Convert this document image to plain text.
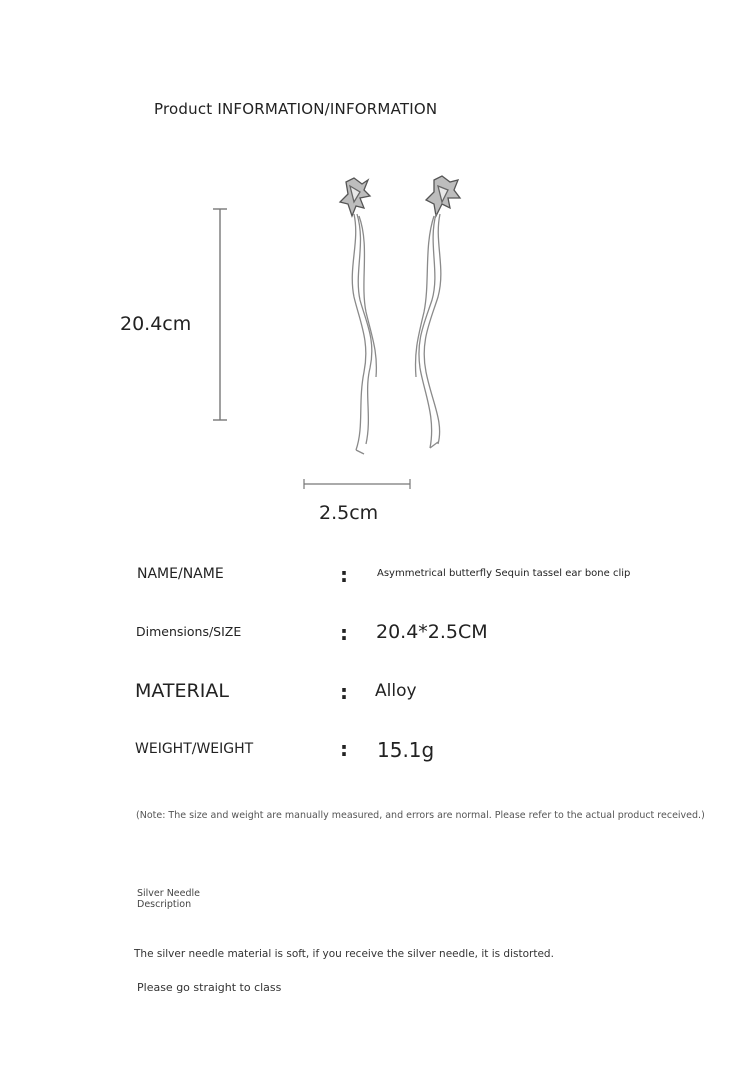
Product INFORMATION/INFORMATION
20.4cm
2.5cm
NAME/NAME	:	Asymmetrical butterfly Sequin tassel ear bone clip
Dimensions/SIZE	: 20.4*2.5CM
MATERIAL	: Alloy
WEIGHT/WEIGHT	: 15.1g
(Note: The size and weight are manually measured, and errors are normal. Please refer to the actual product received.)
Silver Needle
Description
The silver needle material is soft, if you receive the silver needle, it is distorted.
Please go straight to class
